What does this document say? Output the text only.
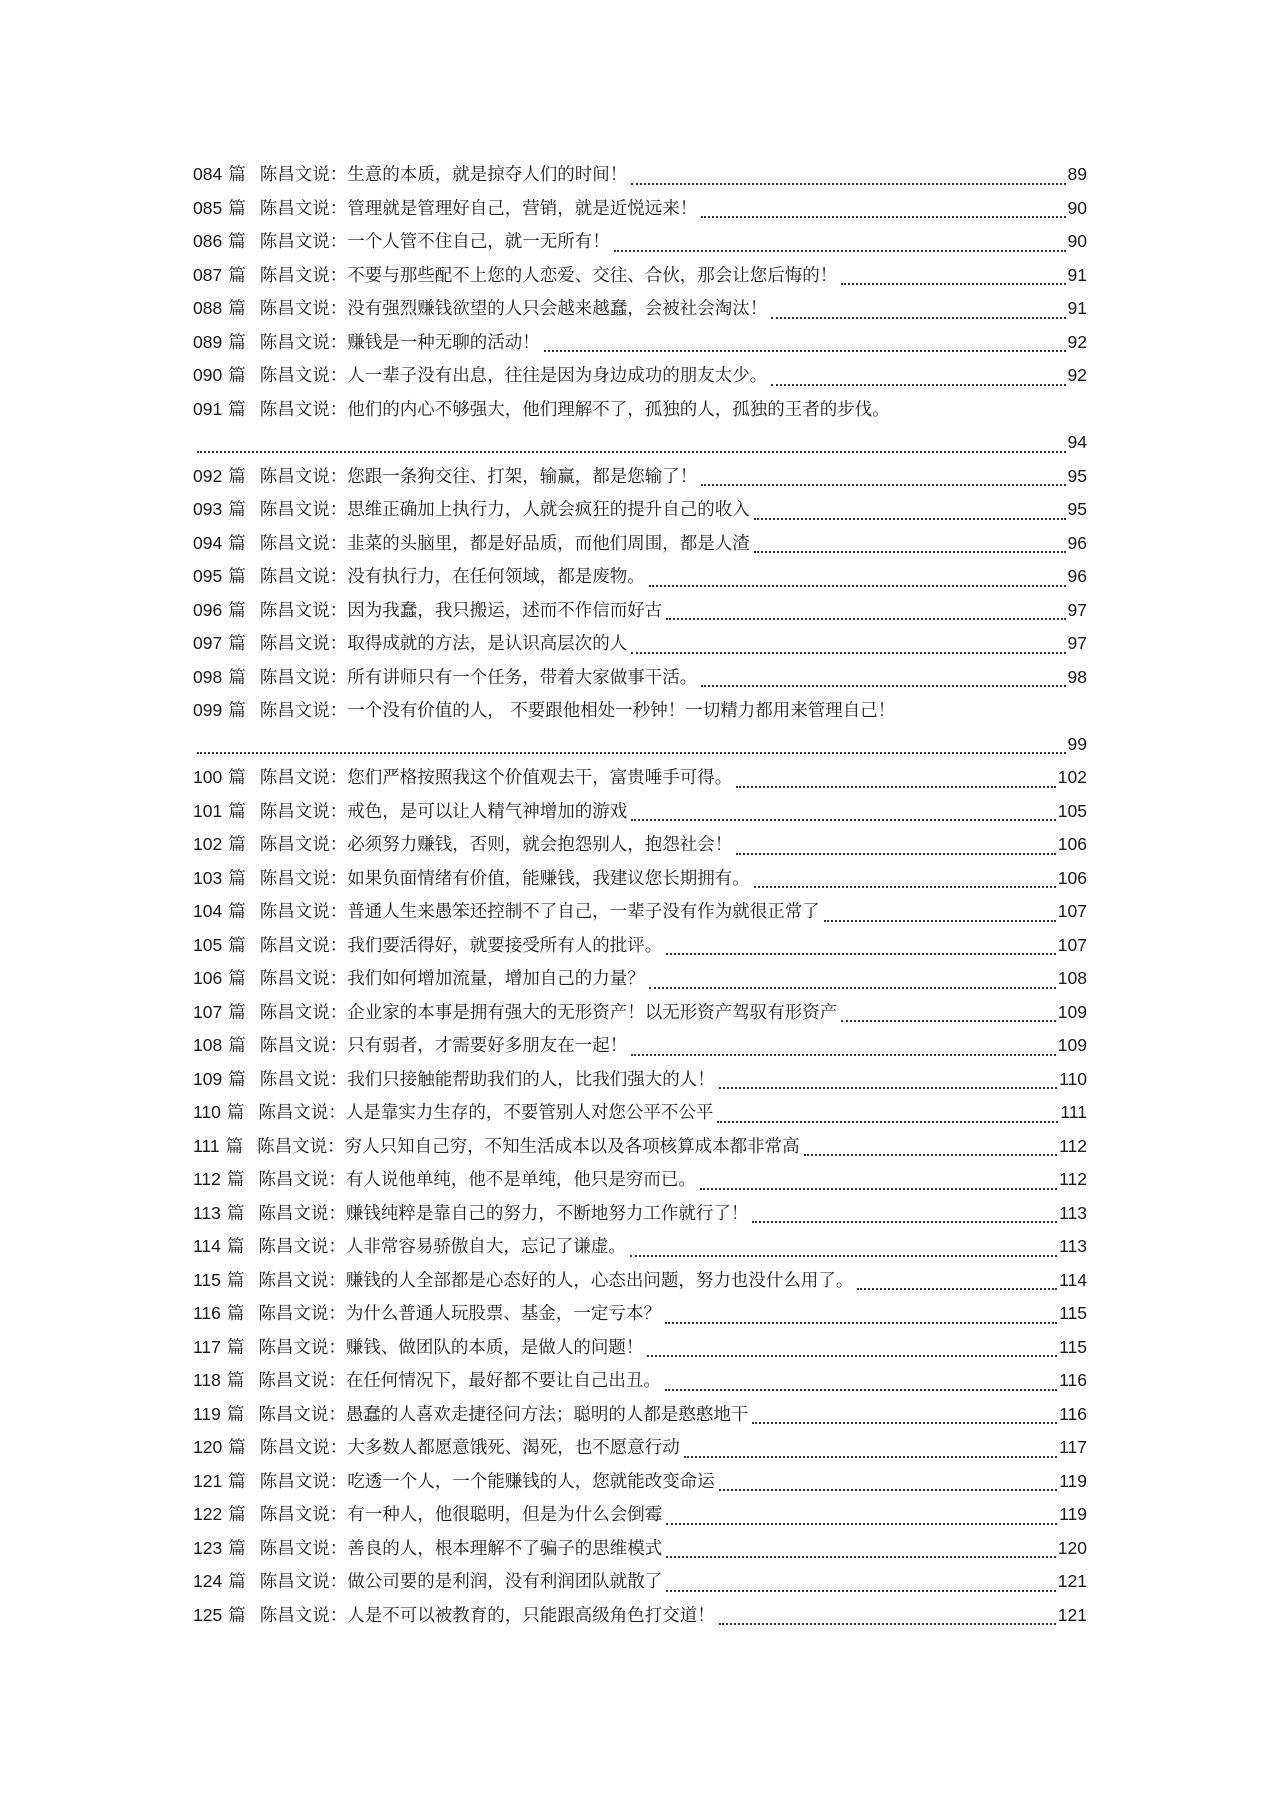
084 篇 陈昌文说：生意的本质，就是掠夺人们的时间！	89
085 篇 陈昌文说：管理就是管理好自己，营销，就是近悦远来！	90
086 篇 陈昌文说：一个人管不住自己，就一无所有！	90
087 篇 陈昌文说：不要与那些配不上您的人恋爱、交往、合伙，那会让您后悔的！	91
088 篇 陈昌文说：没有强烈赚钱欲望的人只会越来越蠢，会被社会淘汰！	91
089 篇 陈昌文说：赚钱是一种无聊的活动！	92
090 篇 陈昌文说：人一辈子没有出息，往往是因为身边成功的朋友太少。	92
091 篇 陈昌文说：他们的内心不够强大，他们理解不了，孤独的人，孤独的王者的步伐。
94
092 篇 陈昌文说：您跟一条狗交往、打架，输赢，都是您输了！	95
093 篇 陈昌文说：思维正确加上执行力，人就会疯狂的提升自己的收入	95
094 篇 陈昌文说：韭菜的头脑里，都是好品质，而他们周围，都是人渣	96
095 篇 陈昌文说：没有执行力，在任何领域，都是废物。	96
096 篇 陈昌文说：因为我蠢，我只搬运，述而不作信而好古	97
097 篇 陈昌文说：取得成就的方法，是认识高层次的人	97
098 篇 陈昌文说：所有讲师只有一个任务，带着大家做事干活。	98
099 篇 陈昌文说：一个没有价值的人， 不要跟他相处一秒钟！一切精力都用来管理自己！
99
100 篇 陈昌文说：您们严格按照我这个价值观去干，富贵唾手可得。	102
101 篇 陈昌文说：戒色，是可以让人精气神增加的游戏	105
102 篇 陈昌文说：必须努力赚钱，否则，就会抱怨别人，抱怨社会！	106
103 篇 陈昌文说：如果负面情绪有价值，能赚钱，我建议您长期拥有。	106
104 篇 陈昌文说：普通人生来愚笨还控制不了自己，一辈子没有作为就很正常了	107
105 篇 陈昌文说：我们要活得好，就要接受所有人的批评。	107
106 篇 陈昌文说：我们如何增加流量，增加自己的力量？	108
107 篇 陈昌文说：企业家的本事是拥有强大的无形资产！以无形资产驾驭有形资产	109
108 篇 陈昌文说：只有弱者，才需要好多朋友在一起！	109
109 篇 陈昌文说：我们只接触能帮助我们的人，比我们强大的人！	110
110 篇 陈昌文说：人是靠实力生存的，不要管别人对您公平不公平	111
111 篇 陈昌文说：穷人只知自己穷，不知生活成本以及各项核算成本都非常高	112
112 篇 陈昌文说：有人说他单纯，他不是单纯，他只是穷而已。	112
113 篇 陈昌文说：赚钱纯粹是靠自己的努力，不断地努力工作就行了！	113
114 篇 陈昌文说：人非常容易骄傲自大，忘记了谦虚。	113
115 篇 陈昌文说：赚钱的人全部都是心态好的人，心态出问题，努力也没什么用了。	114
116 篇 陈昌文说：为什么普通人玩股票、基金，一定亏本？	115
117 篇 陈昌文说：赚钱、做团队的本质，是做人的问题！	115
118 篇 陈昌文说：在任何情况下，最好都不要让自己出丑。	116
119 篇 陈昌文说：愚蠢的人喜欢走捷径问方法；聪明的人都是憨憨地干	116
120 篇 陈昌文说：大多数人都愿意饿死、渴死，也不愿意行动	117
121 篇 陈昌文说：吃透一个人，一个能赚钱的人，您就能改变命运	119
122 篇 陈昌文说：有一种人，他很聪明，但是为什么会倒霉	119
123 篇 陈昌文说：善良的人，根本理解不了骗子的思维模式	120
124 篇 陈昌文说：做公司要的是利润，没有利润团队就散了	121
125 篇 陈昌文说：人是不可以被教育的，只能跟高级角色打交道！	121
